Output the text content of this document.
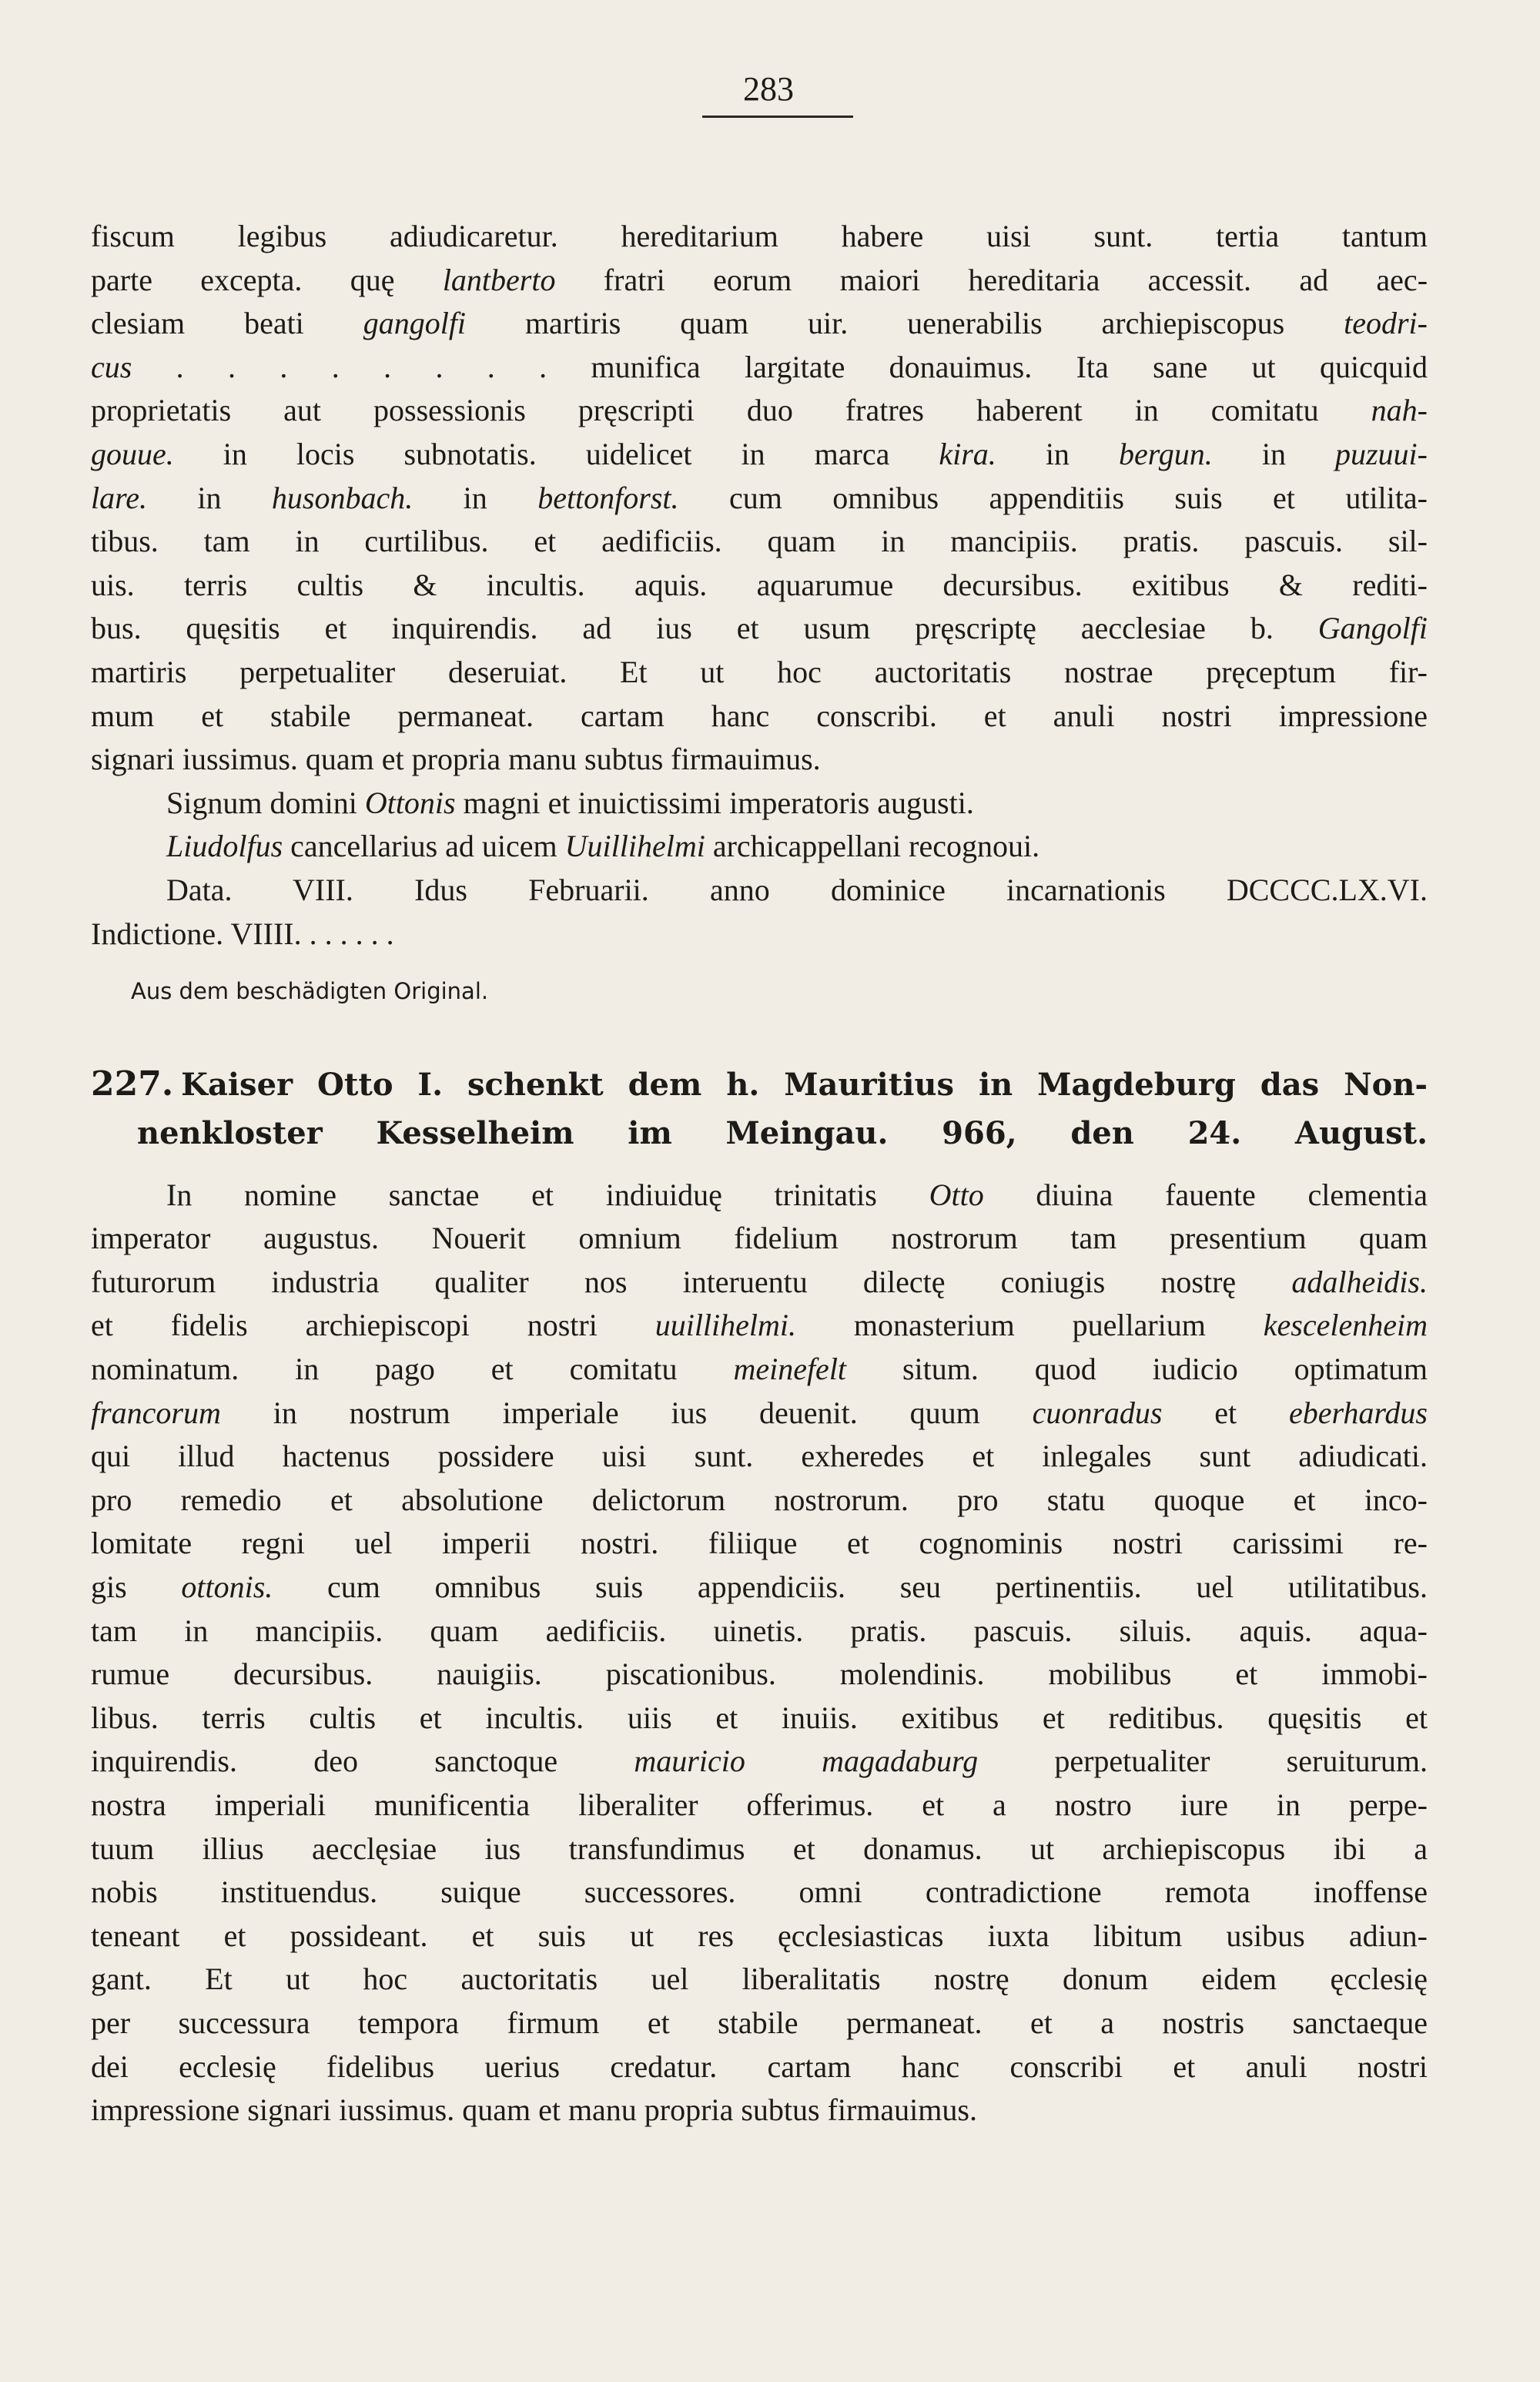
283
fiscum legibus adiudicaretur. hereditarium habere uisi sunt. tertia tantum
parte excepta. quę lantberto fratri eorum maiori hereditaria accessit. ad aec-
clesiam beati gangolfi martiris quam uir. uenerabilis archiepiscopus teodri-
cus . . . . . . . . munifica largitate donauimus. Ita sane ut quicquid
proprietatis aut possessionis pręscripti duo fratres haberent in comitatu nah-
gouue. in locis subnotatis. uidelicet in marca kira. in bergun. in puzuui-
lare. in husonbach. in bettonforst. cum omnibus appenditiis suis et utilita-
tibus. tam in curtilibus. et aedificiis. quam in mancipiis. pratis. pascuis. sil-
uis. terris cultis & incultis. aquis. aquarumue decursibus. exitibus & rediti-
bus. quęsitis et inquirendis. ad ius et usum pręscriptę aecclesiae b. Gangolfi
martiris perpetualiter deseruiat. Et ut hoc auctoritatis nostrae pręceptum fir-
mum et stabile permaneat. cartam hanc conscribi. et anuli nostri impressione
signari iussimus. quam et propria manu subtus firmauimus.
Signum domini Ottonis magni et inuictissimi imperatoris augusti.
Liudolfus cancellarius ad uicem Uuillihelmi archicappellani recognoui.
Data. VIII. Idus Februarii. anno dominice incarnationis DCCCC.LX.VI.
Indictione. VIIII. . . . . . .
Aus dem beschädigten Original.
227. Kaiser Otto I. schenkt dem h. Mauritius in Magdeburg das Non-
nenkloster Kesselheim im Meingau. 966, den 24. August.
In nomine sanctae et indiuiduę trinitatis Otto diuina fauente clementia
imperator augustus. Nouerit omnium fidelium nostrorum tam presentium quam
futurorum industria qualiter nos interuentu dilectę coniugis nostrę adalheidis.
et fidelis archiepiscopi nostri uuillihelmi. monasterium puellarium kescelenheim
nominatum. in pago et comitatu meinefelt situm. quod iudicio optimatum
francorum in nostrum imperiale ius deuenit. quum cuonradus et eberhardus
qui illud hactenus possidere uisi sunt. exheredes et inlegales sunt adiudicati.
pro remedio et absolutione delictorum nostrorum. pro statu quoque et inco-
lomitate regni uel imperii nostri. filiique et cognominis nostri carissimi re-
gis ottonis. cum omnibus suis appendiciis. seu pertinentiis. uel utilitatibus.
tam in mancipiis. quam aedificiis. uinetis. pratis. pascuis. siluis. aquis. aqua-
rumue decursibus. nauigiis. piscationibus. molendinis. mobilibus et immobi-
libus. terris cultis et incultis. uiis et inuiis. exitibus et reditibus. quęsitis et
inquirendis. deo sanctoque mauricio magadaburg perpetualiter seruiturum.
nostra imperiali munificentia liberaliter offerimus. et a nostro iure in perpe-
tuum illius aecclęsiae ius transfundimus et donamus. ut archiepiscopus ibi a
nobis instituendus. suique successores. omni contradictione remota inoffense
teneant et possideant. et suis ut res ęcclesiasticas iuxta libitum usibus adiun-
gant. Et ut hoc auctoritatis uel liberalitatis nostrę donum eidem ęcclesię
per successura tempora firmum et stabile permaneat. et a nostris sanctaeque
dei ecclesię fidelibus uerius credatur. cartam hanc conscribi et anuli nostri
impressione signari iussimus. quam et manu propria subtus firmauimus.
